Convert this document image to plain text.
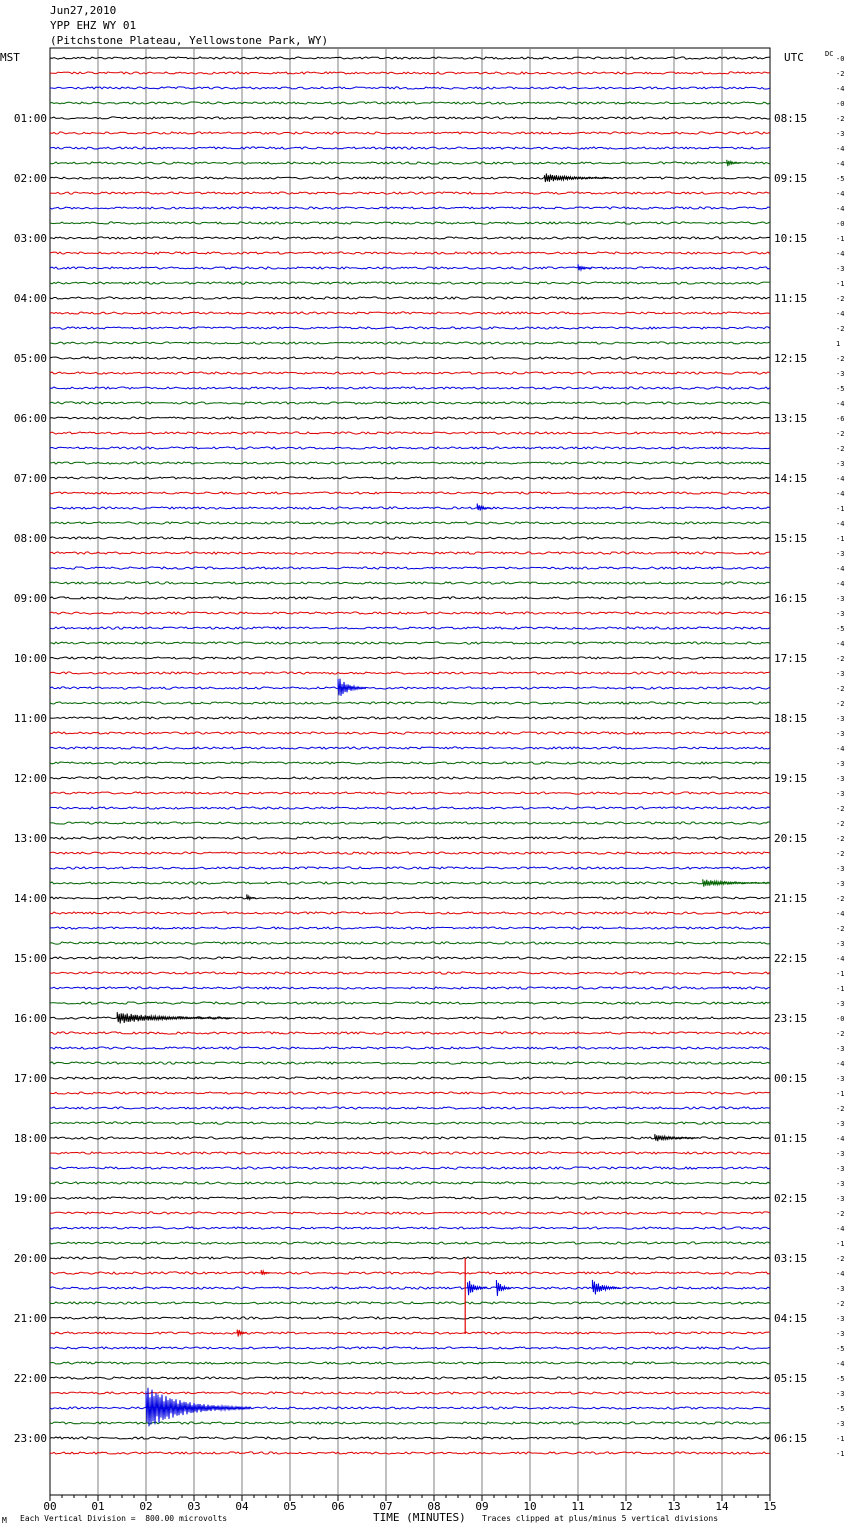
Jun27,2010
YPP EHZ WY 01
(Pitchstone Plateau, Yellowstone Park, WY)
00	01	02	03	04	05	06	07	08	09	10	11	12	13	14	15
MST	UTC	DC
01:00
02:00
03:00
04:00
05:00
06:00
07:00
08:00
09:00
10:00
11:00
12:00
13:00
14:00
15:00
16:00
17:00
18:00
19:00
20:00
21:00
22:00
23:00
08:15
09:15
10:15
11:15
12:15
13:15
14:15
15:15
16:15
17:15
18:15
19:15
20:15
21:15
22:15
23:15
00:15
01:15
02:15
03:15
04:15
05:15
06:15
-0
-2
-4
-0
-2
-3
-4
-4
-5
-4
-4
-0
-1
-4
-3
-1
-2
-4
-2
1
-2
-3
-5
-4
-6
-2
-2
-3
-4
-4
-1
-4
-1
-3
-4
-4
-3
-3
-5
-4
-2
-3
-2
-2
-3
-3
-4
-3
-3
-3
-2
-2
-2
-2
-3
-3
-2
-4
-2
-3
-4
-1
-1
-3
-0
-2
-3
-4
-3
-1
-2
-3
-4
-3
-3
-3
-3
-2
-4
-1
-2
-4
-3
-2
-3
-3
-5
-4
-5
-3
-5
-3
-1
-1
M Each Vertical Division =  800.00 microvolts	TIME (MINUTES) Traces clipped at plus/minus 5 vertical divisions
